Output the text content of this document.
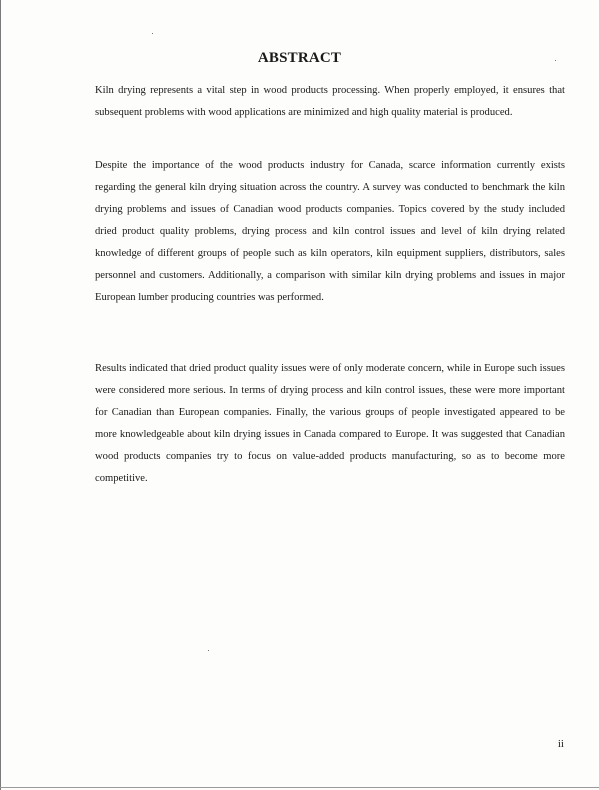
ABSTRACT

Kiln drying represents a vital step in wood products processing. When properly employed, it ensures that subsequent problems with wood applications are minimized and high quality material is produced.

Despite the importance of the wood products industry for Canada, scarce information currently exists regarding the general kiln drying situation across the country. A survey was conducted to benchmark the kiln drying problems and issues of Canadian wood products companies. Topics covered by the study included dried product quality problems, drying process and kiln control issues and level of kiln drying related knowledge of different groups of people such as kiln operators, kiln equipment suppliers, distributors, sales personnel and customers. Additionally, a comparison with similar kiln drying problems and issues in major European lumber producing countries was performed.

Results indicated that dried product quality issues were of only moderate concern, while in Europe such issues were considered more serious. In terms of drying process and kiln control issues, these were more important for Canadian than European companies. Finally, the various groups of people investigated appeared to be more knowledgeable about kiln drying issues in Canada compared to Europe. It was suggested that Canadian wood products companies try to focus on value-added products manufacturing, so as to become more competitive.

ii
